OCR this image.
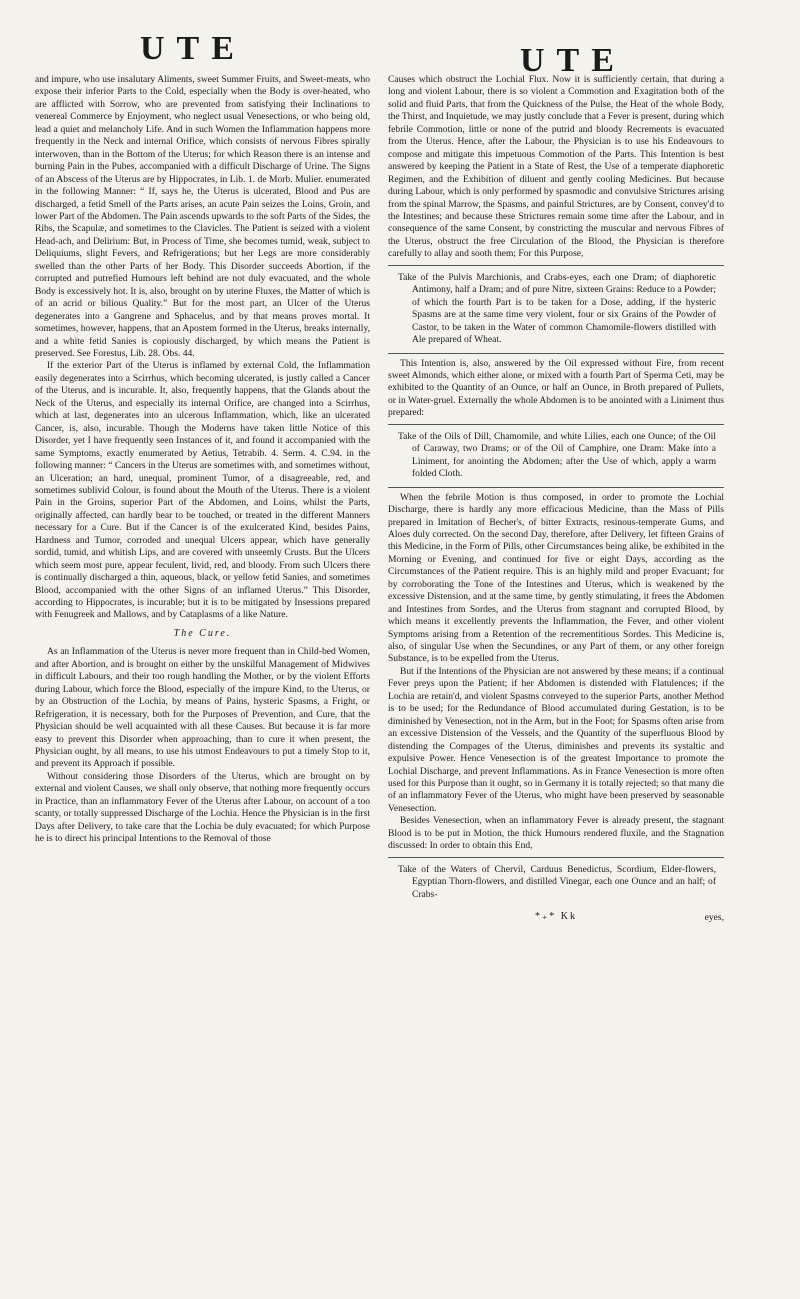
UTE	UTE

and impure, who use insalutary Aliments, sweet Summer Fruits, and Sweet-meats, who expose their inferior Parts to the Cold, especially when the Body is over-heated, who are afflicted with Sorrow, who are prevented from satisfying their Inclinations to venereal Commerce by Enjoyment, who neglect usual Venesections, or who being old, lead a quiet and melancholy Life. And in such Women the Inflammation happens more frequently in the Neck and internal Orifice, which consists of nervous Fibres spirally interwoven, than in the Bottom of the Uterus; for which Reason there is an intense and burning Pain in the Pubes, accompanied with a difficult Discharge of Urine. The Signs of an Abscess of the Uterus are by Hippocrates, in Lib. 1. de Morb. Mulier. enumerated in the following Manner: “ If, says he, the Uterus is ulcerated, Blood and Pus are discharged, a fetid Smell of the Parts arises, an acute Pain seizes the Loins, Groin, and lower Part of the Abdomen. The Pain ascends upwards to the soft Parts of the Sides, the Ribs, the Scapulæ, and sometimes to the Clavicles. The Patient is seized with a violent Head-ach, and Delirium: But, in Process of Time, she becomes tumid, weak, subject to Deliquiums, slight Fevers, and Refrigerations; but her Legs are more considerably swelled than the other Parts of her Body. This Disorder succeeds Abortion, if the corrupted and putrefied Humours left behind are not duly evacuated, and the whole Body is excessively hot. It is, also, brought on by uterine Fluxes, the Matter of which is of an acrid or bilious Quality.” But for the most part, an Ulcer of the Uterus degenerates into a Gangrene and Sphacelus, and by that means proves mortal. It sometimes, however, happens, that an Apostem formed in the Uterus, breaks internally, and a white fetid Sanies is copiously discharged, by which means the Patient is preserved. See Forestus, Lib. 28. Obs. 44.

If the exterior Part of the Uterus is inflamed by external Cold, the Inflammation easily degenerates into a Scirrhus, which becoming ulcerated, is justly called a Cancer of the Uterus, and is incurable. It, also, frequently happens, that the Glands about the Neck of the Uterus, and especially its internal Orifice, are changed into a Scirrhus, which at last, degenerates into an ulcerous Inflammation, which, like an ulcerated Cancer, is, also, incurable. Though the Moderns have taken little Notice of this Disorder, yet I have frequently seen Instances of it, and found it accompanied with the same Symptoms, exactly enumerated by Aetius, Tetrabib. 4. Serm. 4. C.94. in the following manner: “ Cancers in the Uterus are sometimes with, and sometimes without, an Ulceration; an hard, unequal, prominent Tumor, of a disagreeable, red, and sometimes sublivid Colour, is found about the Mouth of the Uterus. There is a violent Pain in the Groins, superior Part of the Abdomen, and Loins, whilst the Parts, originally affected, can hardly bear to be touched, or treated in the different Manners necessary for a Cure. But if the Cancer is of the exulcerated Kind, besides Pains, Hardness and Tumor, corroded and unequal Ulcers appear, which have generally sordid, tumid, and whitish Lips, and are covered with unseemly Crusts. But the Ulcers which seem most pure, appear feculent, livid, red, and bloody. From such Ulcers there is continually discharged a thin, aqueous, black, or yellow fetid Sanies, and sometimes Blood, accompanied with the other Signs of an inflamed Uterus.” This Disorder, according to Hippocrates, is incurable; but it is to be mitigated by Insessions prepared with Fenugreek and Mallows, and by Cataplasms of a like Nature.

The Cure.

As an Inflammation of the Uterus is never more frequent than in Child-bed Women, and after Abortion, and is brought on either by the unskilful Management of Midwives in difficult Labours, and their too rough handling the Mother, or by the violent Efforts during Labour, which force the Blood, especially of the impure Kind, to the Uterus, or by an Obstruction of the Lochia, by means of Pains, hysteric Spasms, a Fright, or Refrigeration, it is necessary, both for the Purposes of Prevention, and Cure, that the Physician should be well acquainted with all these Causes. But because it is far more easy to prevent this Disorder when approaching, than to cure it when present, the Physician ought, by all means, to use his utmost Endeavours to put a timely Stop to it, and prevent its Approach if possible.

Without considering those Disorders of the Uterus, which are brought on by external and violent Causes, we shall only observe, that nothing more frequently occurs in Practice, than an inflammatory Fever of the Uterus after Labour, on account of a too scanty, or totally suppressed Discharge of the Lochia. Hence the Physician is in the first Days after Delivery, to take care that the Lochia be duly evacuated; for which Purpose he is to direct his principal Intentions to the Removal of those

Causes which obstruct the Lochial Flux. Now it is sufficiently certain, that during a long and violent Labour, there is so violent a Commotion and Exagitation both of the solid and fluid Parts, that from the Quickness of the Pulse, the Heat of the whole Body, the Thirst, and Inquietude, we may justly conclude that a Fever is present, during which febrile Commotion, little or none of the putrid and bloody Recrements is evacuated from the Uterus. Hence, after the Labour, the Physician is to use his Endeavours to compose and mitigate this impetuous Commotion of the Parts. This Intention is best answered by keeping the Patient in a State of Rest, the Use of a temperate diaphoretic Regimen, and the Exhibition of diluent and gently cooling Medicines. But because during Labour, which is only performed by spasmodic and convulsive Strictures arising from the spinal Marrow, the Spasms, and painful Strictures, are by Consent, convey'd to the Intestines; and because these Strictures remain some time after the Labour, and in consequence of the same Consent, by constricting the muscular and nervous Fibres of the Uterus, obstruct the free Circulation of the Blood, the Physician is therefore carefully to allay and sooth them; For this Purpose,

Take of the Pulvis Marchionis, and Crabs-eyes, each one Dram; of diaphoretic Antimony, half a Dram; and of pure Nitre, sixteen Grains: Reduce to a Powder; of which the fourth Part is to be taken for a Dose, adding, if the hysteric Spasms are at the same time very violent, four or six Grains of the Powder of Castor, to be taken in the Water of common Chamomile-flowers distilled with Ale prepared of Wheat.

This Intention is, also, answered by the Oil expressed without Fire, from recent sweet Almonds, which either alone, or mixed with a fourth Part of Sperma Ceti, may be exhibited to the Quantity of an Ounce, or half an Ounce, in Broth prepared of Pullets, or in Water-gruel. Externally the whole Abdomen is to be anointed with a Liniment thus prepared:

Take of the Oils of Dill, Chamomile, and white Lilies, each one Ounce; of the Oil of Caraway, two Drams; or of the Oil of Camphire, one Dram: Make into a Liniment, for anointing the Abdomen; after the Use of which, apply a warm folded Cloth.

When the febrile Motion is thus composed, in order to promote the Lochial Discharge, there is hardly any more efficacious Medicine, than the Mass of Pills prepared in Imitation of Becher's, of bitter Extracts, resinous-temperate Gums, and Aloes duly corrected. On the second Day, therefore, after Delivery, let fifteen Grains of this Medicine, in the Form of Pills, other Circumstances being alike, be exhibited in the Morning or Evening, and continued for five or eight Days, according as the Circumstances of the Patient require. This is an highly mild and proper Evacuant; for by corroborating the Tone of the Intestines and Uterus, which is weakened by the excessive Distension, and at the same time, by gently stimulating, it frees the Abdomen and Intestines from Sordes, and the Uterus from stagnant and corrupted Blood, by which means it excellently prevents the Inflammation, the Fever, and other violent Symptoms arising from a Retention of the recrementitious Sordes. This Medicine is, also, of singular Use when the Secundines, or any Part of them, or any other foreign Substance, is to be expelled from the Uterus.

But if the Intentions of the Physician are not answered by these means; if a continual Fever preys upon the Patient; if her Abdomen is distended with Flatulences; if the Lochia are retain'd, and violent Spasms conveyed to the superior Parts, another Method is to be used; for the Redundance of Blood accumulated during Gestation, is to be diminished by Venesection, not in the Arm, but in the Foot; for Spasms often arise from an excessive Distension of the Vessels, and the Quantity of the superfluous Blood by distending the Compages of the Uterus, diminishes and prevents its systaltic and expulsive Power. Hence Venesection is of the greatest Importance to promote the Lochial Discharge, and prevent Inflammations. As in France Venesection is more often used for this Purpose than it ought, so in Germany it is totally rejected; so that many die of an inflammatory Fever of the Uterus, who might have been preserved by seasonable Venesection.

Besides Venesection, when an inflammatory Fever is already present, the stagnant Blood is to be put in Motion, the thick Humours rendered fluxile, and the Stagnation discussed: In order to obtain this End,

Take of the Waters of Chervil, Carduus Benedictus, Scordium, Elder-flowers, Egyptian Thorn-flowers, and distilled Vinegar, each one Ounce and an half; of Crabs-

*₊* Kk	eyes,
